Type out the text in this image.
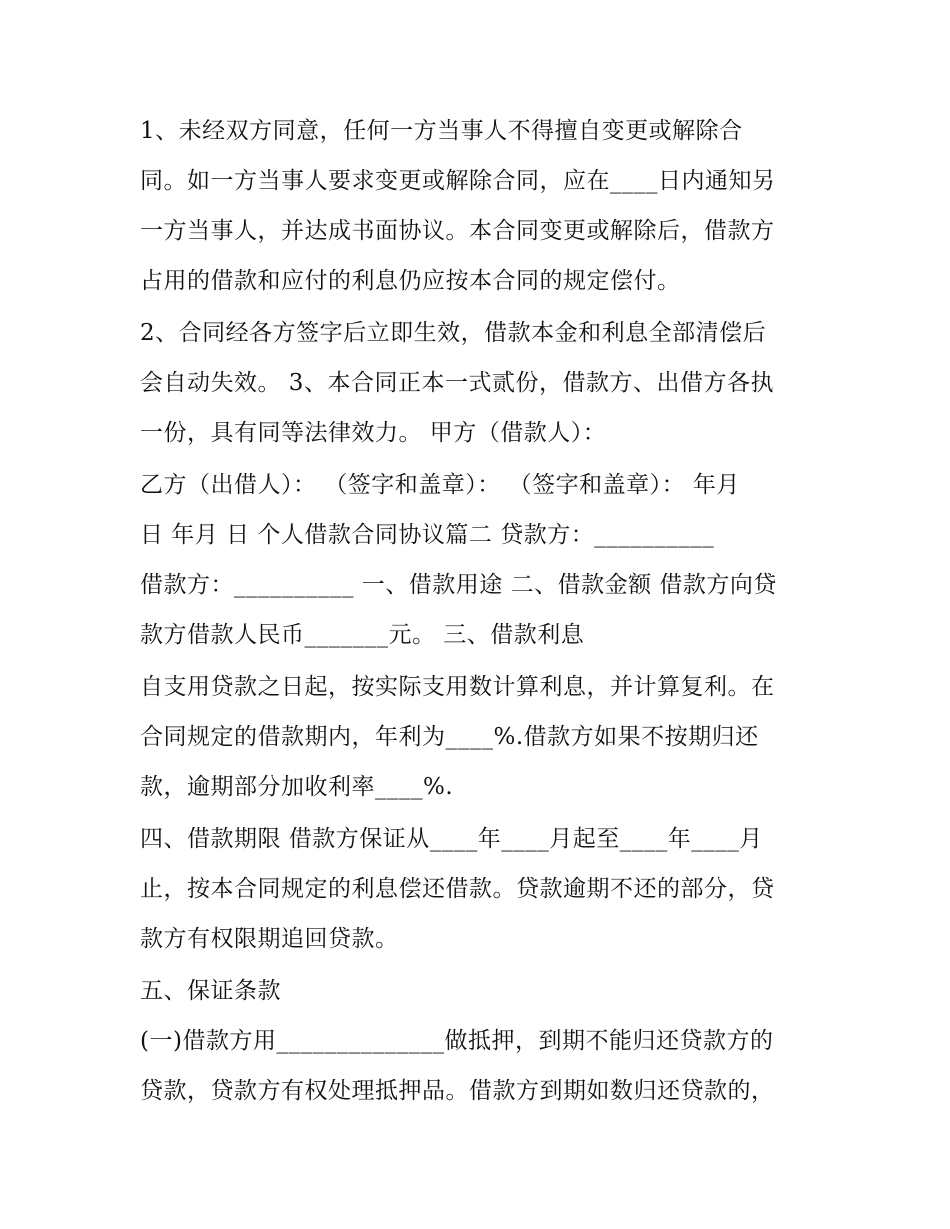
1、未经双方同意，任何一方当事人不得擅自变更或解除合
同。如一方当事人要求变更或解除合同，应在____日内通知另
一方当事人，并达成书面协议。本合同变更或解除后，借款方
占用的借款和应付的利息仍应按本合同的规定偿付。
2、合同经各方签字后立即生效，借款本金和利息全部清偿后
会自动失效。 3、本合同正本一式贰份，借款方、出借方各执
一份，具有同等法律效力。 甲方（借款人）：
乙方（出借人）： （签字和盖章）： （签字和盖章）： 年月
日 年月 日 个人借款合同协议篇二 贷款方：__________
借款方：__________ 一、借款用途 二、借款金额 借款方向贷
款方借款人民币_______元。 三、借款利息
自支用贷款之日起，按实际支用数计算利息，并计算复利。在
合同规定的借款期内，年利为____%.借款方如果不按期归还
款，逾期部分加收利率____%.
四、借款期限 借款方保证从____年____月起至____年____月
止，按本合同规定的利息偿还借款。贷款逾期不还的部分，贷
款方有权限期追回贷款。
五、保证条款
(一)借款方用______________做抵押，到期不能归还贷款方的
贷款，贷款方有权处理抵押品。借款方到期如数归还贷款的，
